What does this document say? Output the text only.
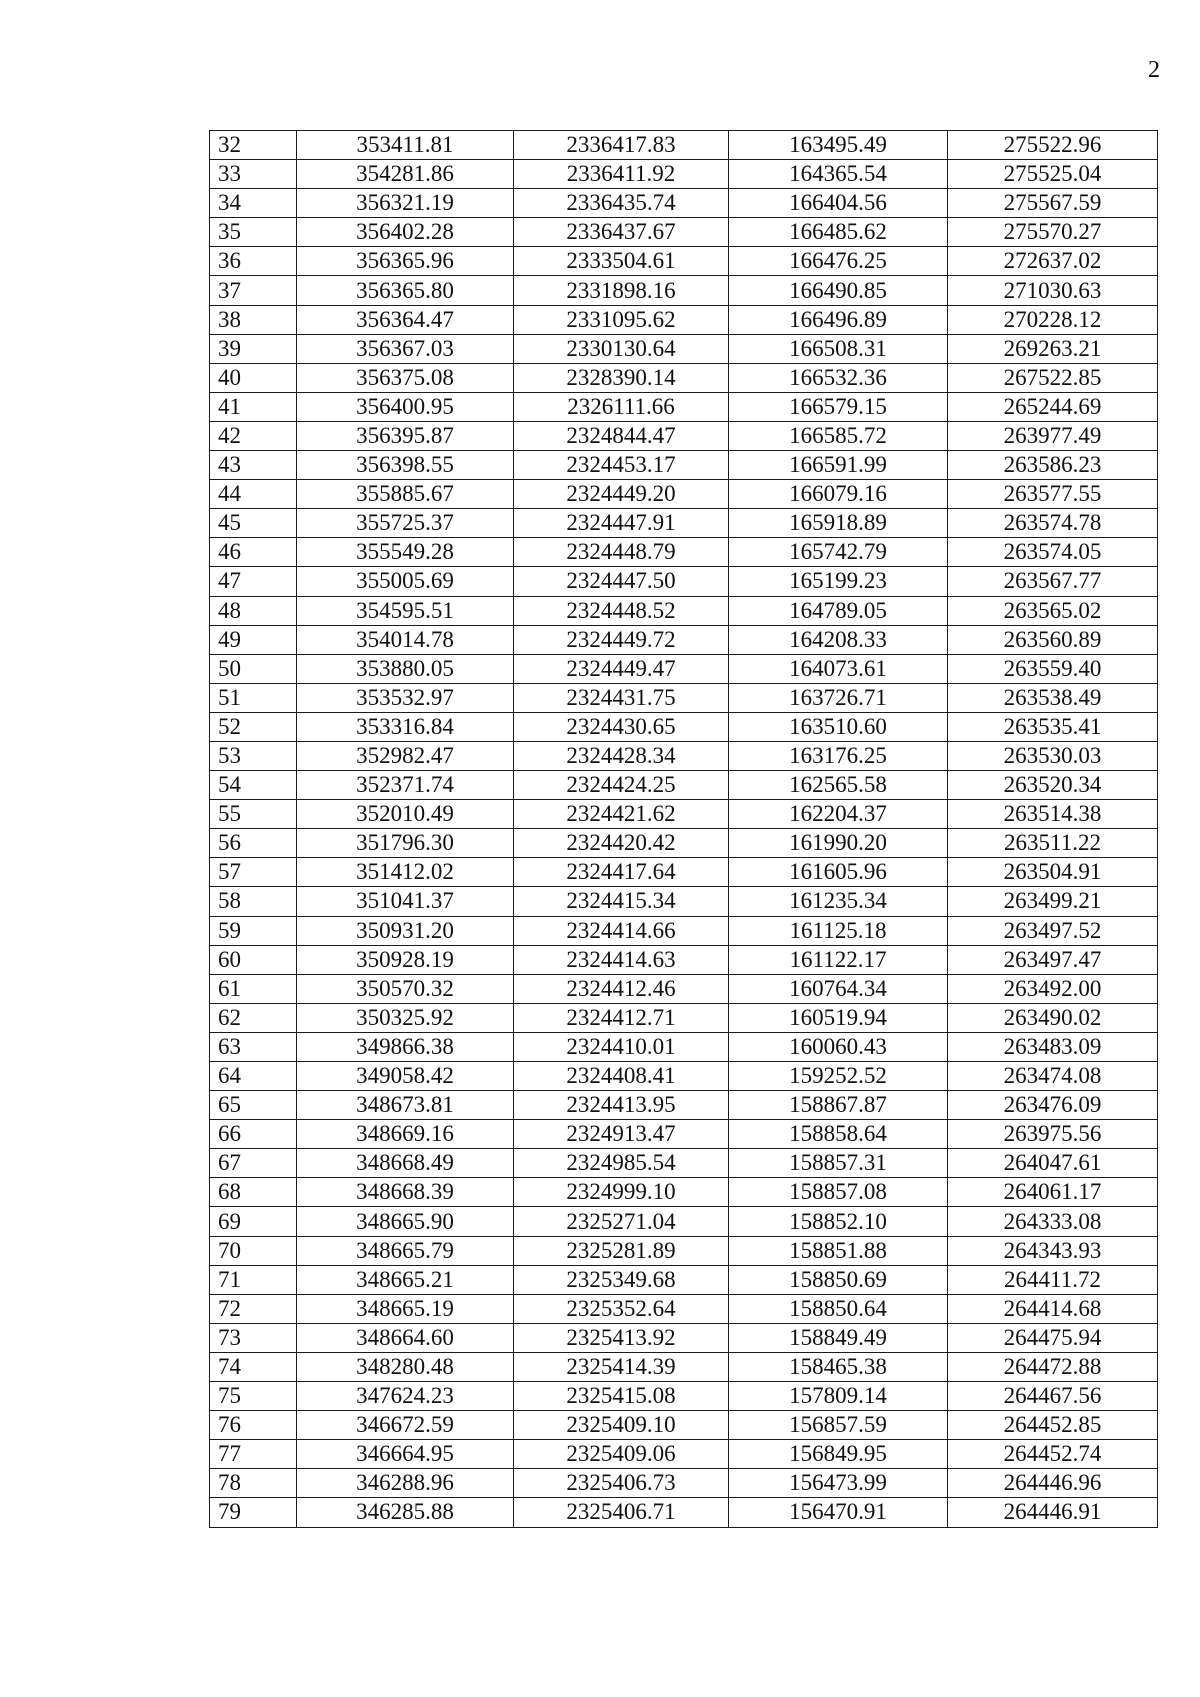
2
32	353411.81	2336417.83	163495.49	275522.96
33	354281.86	2336411.92	164365.54	275525.04
34	356321.19	2336435.74	166404.56	275567.59
35	356402.28	2336437.67	166485.62	275570.27
36	356365.96	2333504.61	166476.25	272637.02
37	356365.80	2331898.16	166490.85	271030.63
38	356364.47	2331095.62	166496.89	270228.12
39	356367.03	2330130.64	166508.31	269263.21
40	356375.08	2328390.14	166532.36	267522.85
41	356400.95	2326111.66	166579.15	265244.69
42	356395.87	2324844.47	166585.72	263977.49
43	356398.55	2324453.17	166591.99	263586.23
44	355885.67	2324449.20	166079.16	263577.55
45	355725.37	2324447.91	165918.89	263574.78
46	355549.28	2324448.79	165742.79	263574.05
47	355005.69	2324447.50	165199.23	263567.77
48	354595.51	2324448.52	164789.05	263565.02
49	354014.78	2324449.72	164208.33	263560.89
50	353880.05	2324449.47	164073.61	263559.40
51	353532.97	2324431.75	163726.71	263538.49
52	353316.84	2324430.65	163510.60	263535.41
53	352982.47	2324428.34	163176.25	263530.03
54	352371.74	2324424.25	162565.58	263520.34
55	352010.49	2324421.62	162204.37	263514.38
56	351796.30	2324420.42	161990.20	263511.22
57	351412.02	2324417.64	161605.96	263504.91
58	351041.37	2324415.34	161235.34	263499.21
59	350931.20	2324414.66	161125.18	263497.52
60	350928.19	2324414.63	161122.17	263497.47
61	350570.32	2324412.46	160764.34	263492.00
62	350325.92	2324412.71	160519.94	263490.02
63	349866.38	2324410.01	160060.43	263483.09
64	349058.42	2324408.41	159252.52	263474.08
65	348673.81	2324413.95	158867.87	263476.09
66	348669.16	2324913.47	158858.64	263975.56
67	348668.49	2324985.54	158857.31	264047.61
68	348668.39	2324999.10	158857.08	264061.17
69	348665.90	2325271.04	158852.10	264333.08
70	348665.79	2325281.89	158851.88	264343.93
71	348665.21	2325349.68	158850.69	264411.72
72	348665.19	2325352.64	158850.64	264414.68
73	348664.60	2325413.92	158849.49	264475.94
74	348280.48	2325414.39	158465.38	264472.88
75	347624.23	2325415.08	157809.14	264467.56
76	346672.59	2325409.10	156857.59	264452.85
77	346664.95	2325409.06	156849.95	264452.74
78	346288.96	2325406.73	156473.99	264446.96
79	346285.88	2325406.71	156470.91	264446.91
